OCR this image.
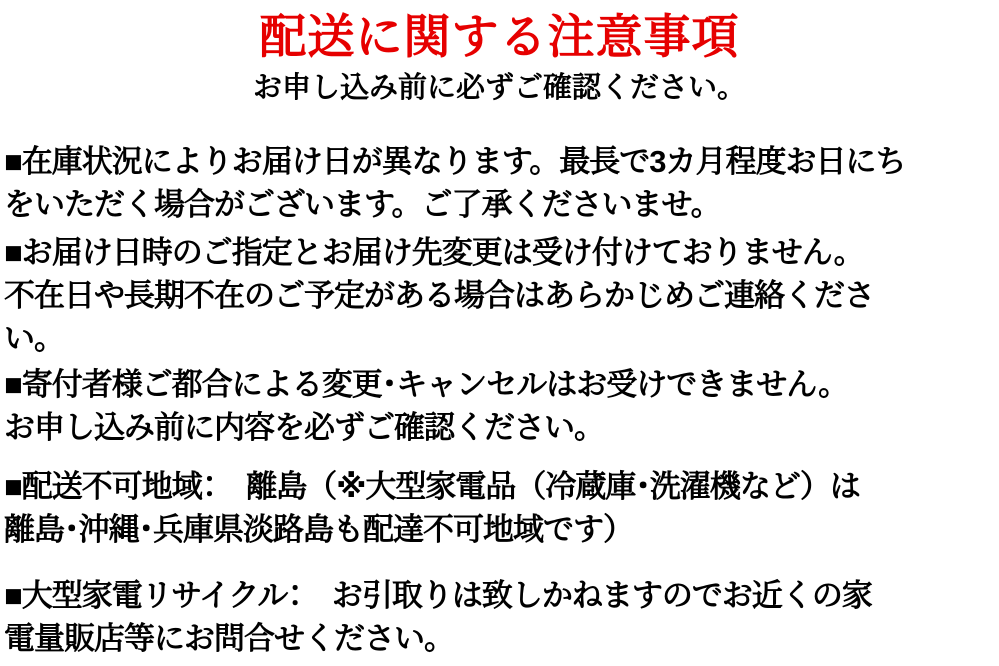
配送に関する注意事項
お申し込み前に必ずご確認ください。

■在庫状況によりお届け日が異なります。最長で3カ月程度お日にち
をいただく場合がございます。ご了承くださいませ。

■お届け日時のご指定とお届け先変更は受け付けておりません。
不在日や長期不在のご予定がある場合はあらかじめご連絡くださ
い。

■寄付者様ご都合による変更･キャンセルはお受けできません。
お申し込み前に内容を必ずご確認ください。

■配送不可地域：　離島（※大型家電品（冷蔵庫･洗濯機など）は
離島･沖縄･兵庫県淡路島も配達不可地域です）

■大型家電リサイクル：　お引取りは致しかねますのでお近くの家
電量販店等にお問合せください。
